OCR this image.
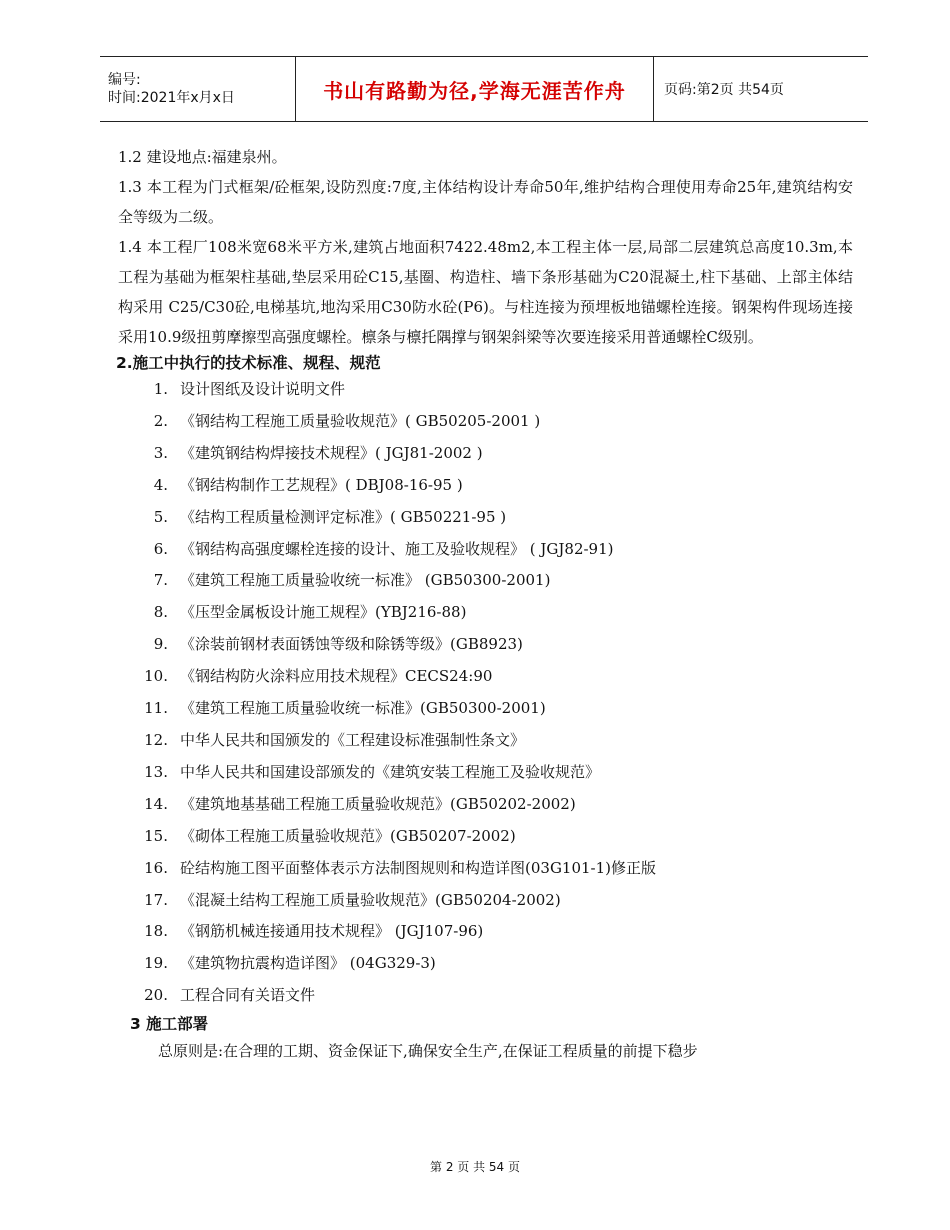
编号:
时间:2021年x月x日	书山有路勤为径,学海无涯苦作舟	页码:第2页 共54页

1.2 建设地点:福建泉州。

1.3 本工程为门式框架/砼框架,设防烈度:7度,主体结构设计寿命50年,维护结构合理使用寿命25年,建筑结构安全等级为二级。

1.4 本工程厂108米宽68米平方米,建筑占地面积7422.48m2,本工程主体一层,局部二层建筑总高度10.3m,本工程为基础为框架柱基础,垫层采用砼C15,基圈、构造柱、墙下条形基础为C20混凝土,柱下基础、上部主体结构采用 C25/C30砼,电梯基坑,地沟采用C30防水砼(P6)。与柱连接为预埋板地锚螺栓连接。钢架构件现场连接采用10.9级扭剪摩擦型高强度螺栓。檩条与檩托隅撑与钢架斜梁等次要连接采用普通螺栓C级别。

2.施工中执行的技术标准、规程、规范
1. 设计图纸及设计说明文件
2. 《钢结构工程施工质量验收规范》( GB50205-2001 )
3. 《建筑钢结构焊接技术规程》( JGJ81-2002 )
4. 《钢结构制作工艺规程》( DBJ08-16-95 )
5. 《结构工程质量检测评定标准》( GB50221-95 )
6. 《钢结构高强度螺栓连接的设计、施工及验收规程》 ( JGJ82-91)
7. 《建筑工程施工质量验收统一标准》 (GB50300-2001)
8. 《压型金属板设计施工规程》(YBJ216-88)
9. 《涂装前钢材表面锈蚀等级和除锈等级》(GB8923)
10. 《钢结构防火涂料应用技术规程》CECS24:90
11. 《建筑工程施工质量验收统一标准》(GB50300-2001)
12. 中华人民共和国颁发的《工程建设标准强制性条文》
13. 中华人民共和国建设部颁发的《建筑安装工程施工及验收规范》
14. 《建筑地基基础工程施工质量验收规范》(GB50202-2002)
15. 《砌体工程施工质量验收规范》(GB50207-2002)
16. 砼结构施工图平面整体表示方法制图规则和构造详图(03G101-1)修正版
17. 《混凝土结构工程施工质量验收规范》(GB50204-2002)
18. 《钢筋机械连接通用技术规程》 (JGJ107-96)
19. 《建筑物抗震构造详图》 (04G329-3)
20. 工程合同有关语文件
3 施工部署

总原则是:在合理的工期、资金保证下,确保安全生产,在保证工程质量的前提下稳步

第 2 页 共 54 页
